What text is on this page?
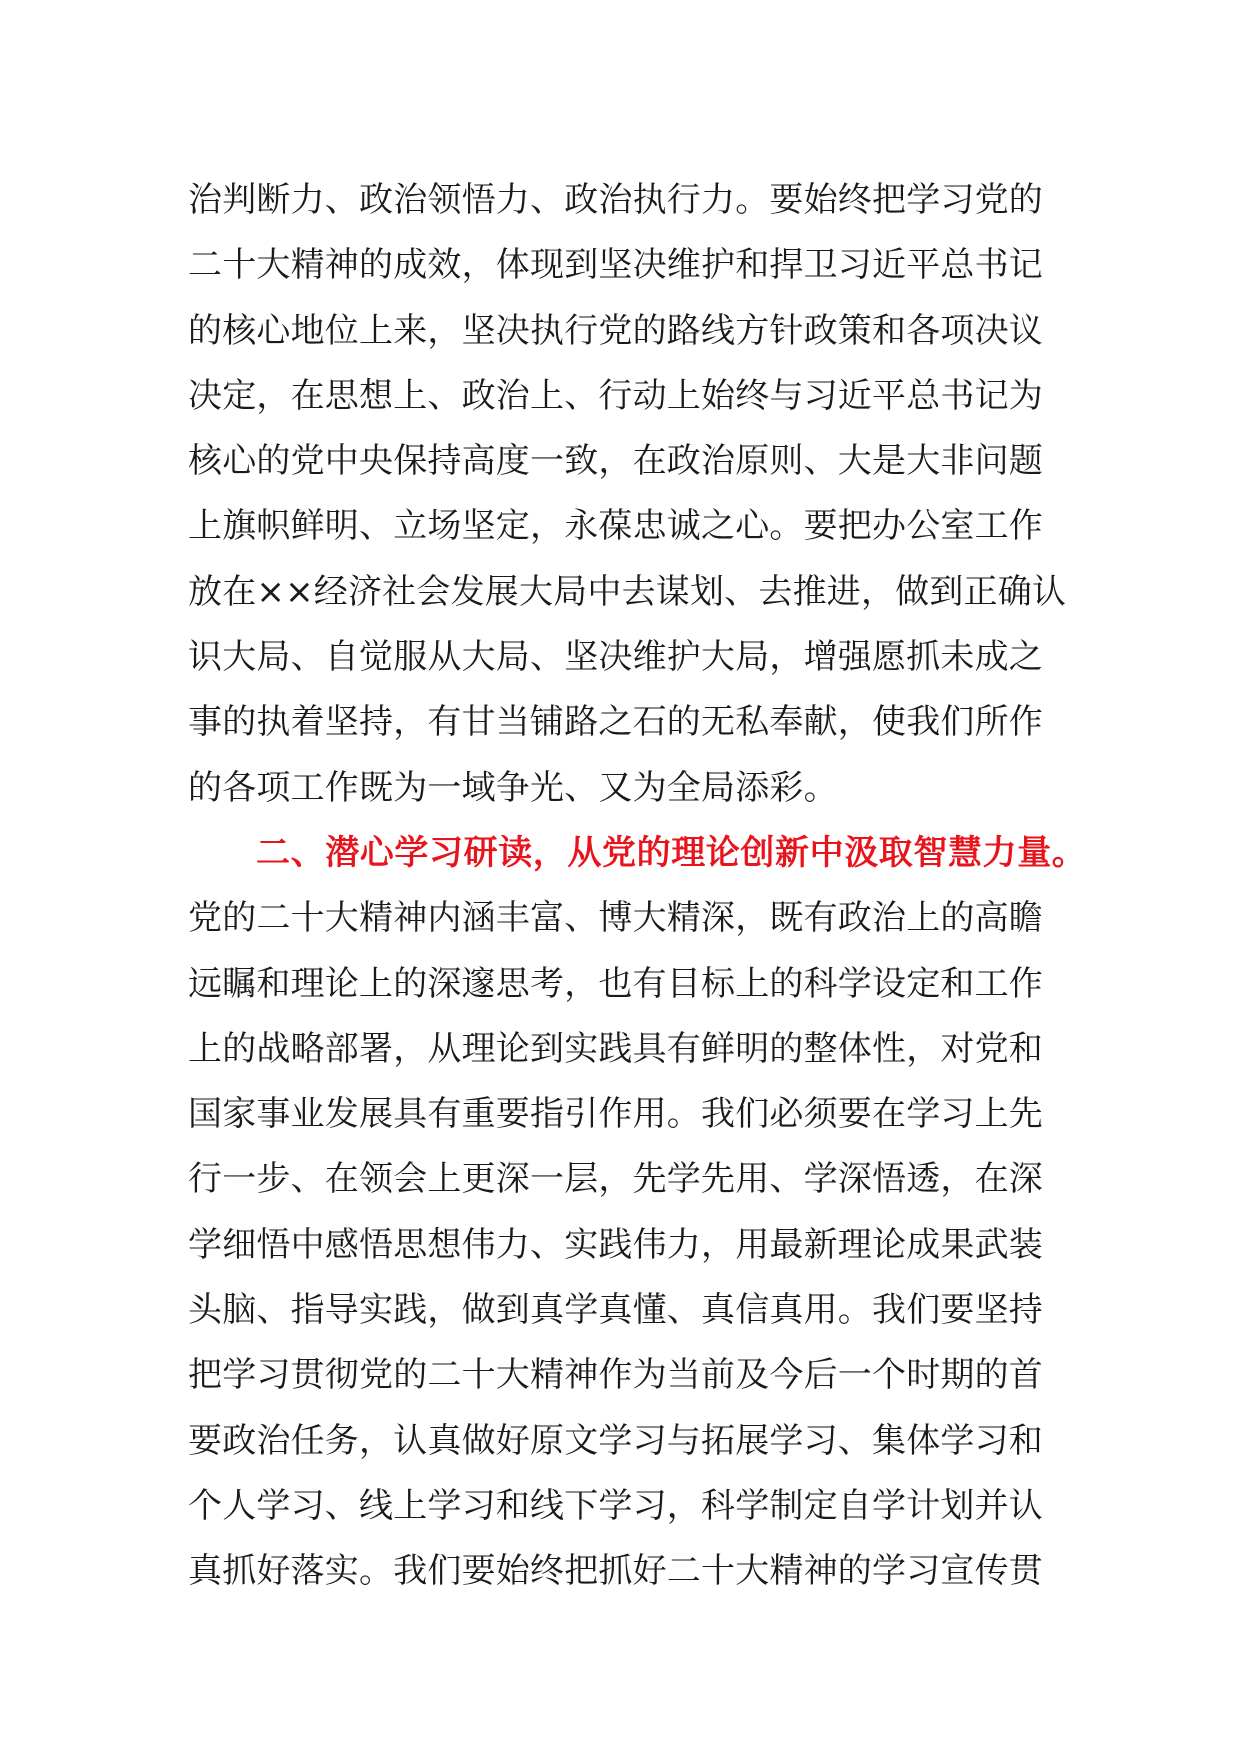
治判断力、政治领悟力、政治执行力。要始终把学习党的
二十大精神的成效，体现到坚决维护和捍卫习近平总书记
的核心地位上来，坚决执行党的路线方针政策和各项决议
决定，在思想上、政治上、行动上始终与习近平总书记为
核心的党中央保持高度一致，在政治原则、大是大非问题
上旗帜鲜明、立场坚定，永葆忠诚之心。要把办公室工作
放在××经济社会发展大局中去谋划、去推进，做到正确认
识大局、自觉服从大局、坚决维护大局，增强愿抓未成之
事的执着坚持，有甘当铺路之石的无私奉献，使我们所作
的各项工作既为一域争光、又为全局添彩。
二、潜心学习研读，从党的理论创新中汲取智慧力量。
党的二十大精神内涵丰富、博大精深，既有政治上的高瞻
远瞩和理论上的深邃思考，也有目标上的科学设定和工作
上的战略部署，从理论到实践具有鲜明的整体性，对党和
国家事业发展具有重要指引作用。我们必须要在学习上先
行一步、在领会上更深一层，先学先用、学深悟透，在深
学细悟中感悟思想伟力、实践伟力，用最新理论成果武装
头脑、指导实践，做到真学真懂、真信真用。我们要坚持
把学习贯彻党的二十大精神作为当前及今后一个时期的首
要政治任务，认真做好原文学习与拓展学习、集体学习和
个人学习、线上学习和线下学习，科学制定自学计划并认
真抓好落实。我们要始终把抓好二十大精神的学习宣传贯
